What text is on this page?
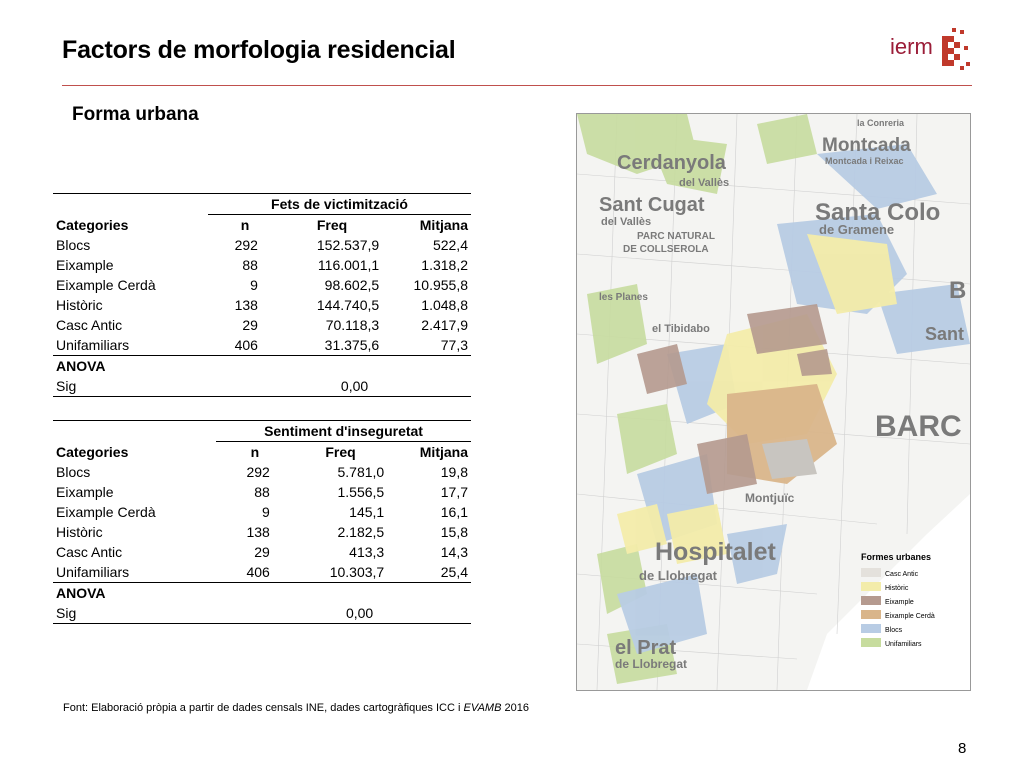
Factors de morfologia residencial	ierm
Forma urbana
	Fets de victimització		
Categories	n	Freq	Mitjana
Blocs	292	152.537,9	522,4
Eixample	88	116.001,1	1.318,2
Eixample Cerdà	9	98.602,5	10.955,8
Històric	138	144.740,5	1.048,8
Casc Antic	29	70.118,3	2.417,9
Unifamiliars	406	31.375,6	77,3
ANOVA			
Sig		0,00	
	Sentiment d'inseguretat		
Categories	n	Freq	Mitjana
Blocs	292	5.781,0	19,8
Eixample	88	1.556,5	17,7
Eixample Cerdà	9	145,1	16,1
Històric	138	2.182,5	15,8
Casc Antic	29	413,3	14,3
Unifamiliars	406	10.303,7	25,4
ANOVA			
Sig		0,00	
la Conreria
Montcada
Montcada i Reixac
Cerdanyola
del Vallès
Sant Cugat
del Vallès	Santa Colo
de Gramene
PARC NATURAL
DE COLLSEROLA
les Planes
el Tibidabo
B
Sant
BARC
Montjuïc
Hospitalet
de Llobregat
el Prat
de Llobregat
Formes urbanes
Casc Antic
Històric
Eixample
Eixample Cerdà
Blocs
Unifamiliars
Font: Elaboració pròpia a partir de dades censals INE, dades cartogràfiques ICC i EVAMB 2016
8
